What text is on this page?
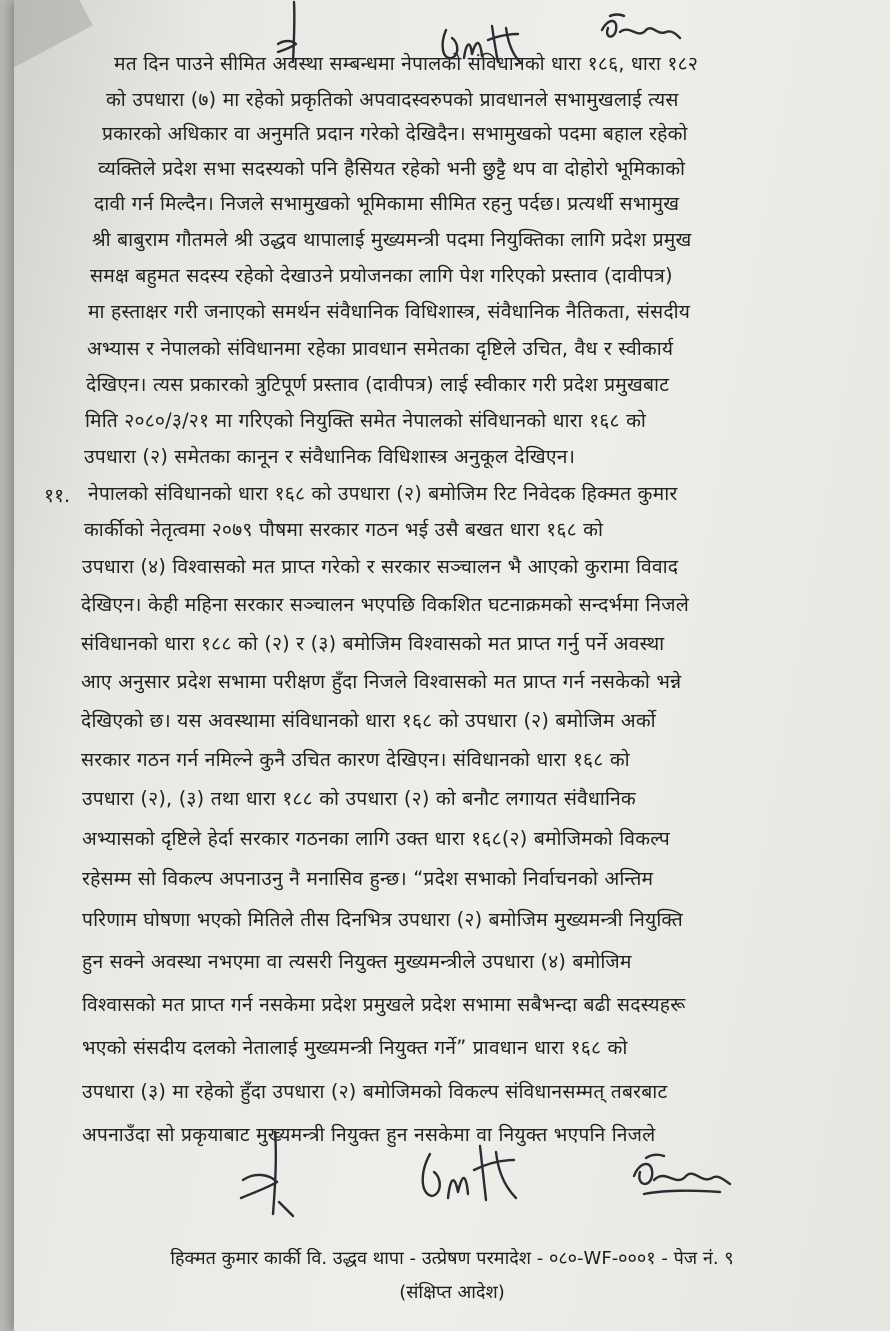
मत दिन पाउने सीमित अवस्था सम्बन्धमा नेपालको संविधानको धारा १८६, धारा १८२
को उपधारा (७) मा रहेको प्रकृतिको अपवादस्वरुपको प्रावधानले सभामुखलाई त्यस
प्रकारको अधिकार वा अनुमति प्रदान गरेको देखिदैन। सभामुखको पदमा बहाल रहेको
व्यक्तिले प्रदेश सभा सदस्यको पनि हैसियत रहेको भनी छुट्टै थप वा दोहोरो भूमिकाको
दावी गर्न मिल्दैन। निजले सभामुखको भूमिकामा सीमित रहनु पर्दछ। प्रत्यर्थी सभामुख
श्री बाबुराम गौतमले श्री उद्धव थापालाई मुख्यमन्त्री पदमा नियुक्तिका लागि प्रदेश प्रमुख
समक्ष बहुमत सदस्य रहेको देखाउने प्रयोजनका लागि पेश गरिएको प्रस्ताव (दावीपत्र)
मा हस्ताक्षर गरी जनाएको समर्थन संवैधानिक विधिशास्त्र, संवैधानिक नैतिकता, संसदीय
अभ्यास र नेपालको संविधानमा रहेका प्रावधान समेतका दृष्टिले उचित, वैध र स्वीकार्य
देखिएन। त्यस प्रकारको त्रुटिपूर्ण प्रस्ताव (दावीपत्र) लाई स्वीकार गरी प्रदेश प्रमुखबाट
मिति २०८०/३/२१ मा गरिएको नियुक्ति समेत नेपालको संविधानको धारा १६८ को
उपधारा (२) समेतका कानून र संवैधानिक विधिशास्त्र अनुकूल देखिएन।
११. नेपालको संविधानको धारा १६८ को उपधारा (२) बमोजिम रिट निवेदक हिक्मत कुमार
कार्कीको नेतृत्वमा २०७९ पौषमा सरकार गठन भई उसै बखत धारा १६८ को
उपधारा (४) विश्वासको मत प्राप्त गरेको र सरकार सञ्चालन भै आएको कुरामा विवाद
देखिएन। केही महिना सरकार सञ्चालन भएपछि विकशित घटनाक्रमको सन्दर्भमा निजले
संविधानको धारा १८८ को (२) र (३) बमोजिम विश्वासको मत प्राप्त गर्नु पर्ने अवस्था
आए अनुसार प्रदेश सभामा परीक्षण हुँदा निजले विश्वासको मत प्राप्त गर्न नसकेको भन्ने
देखिएको छ। यस अवस्थामा संविधानको धारा १६८ को उपधारा (२) बमोजिम अर्को
सरकार गठन गर्न नमिल्ने कुनै उचित कारण देखिएन। संविधानको धारा १६८ को
उपधारा (२), (३) तथा धारा १८८ को उपधारा (२) को बनौट लगायत संवैधानिक
अभ्यासको दृष्टिले हेर्दा सरकार गठनका लागि उक्त धारा १६८(२) बमोजिमको विकल्प
रहेसम्म सो विकल्प अपनाउनु नै मनासिव हुन्छ। “प्रदेश सभाको निर्वाचनको अन्तिम
परिणाम घोषणा भएको मितिले तीस दिनभित्र उपधारा (२) बमोजिम मुख्यमन्त्री नियुक्ति
हुन सक्ने अवस्था नभएमा वा त्यसरी नियुक्त मुख्यमन्त्रीले उपधारा (४) बमोजिम
विश्वासको मत प्राप्त गर्न नसकेमा प्रदेश प्रमुखले प्रदेश सभामा सबैभन्दा बढी सदस्यहरू
भएको संसदीय दलको नेतालाई मुख्यमन्त्री नियुक्त गर्ने” प्रावधान धारा १६८ को
उपधारा (३) मा रहेको हुँदा उपधारा (२) बमोजिमको विकल्प संविधानसम्मत् तबरबाट
अपनाउँदा सो प्रकृयाबाट मुख्यमन्त्री नियुक्त हुन नसकेमा वा नियुक्त भएपनि निजले
हिक्मत कुमार कार्की वि. उद्धव थापा - उत्प्रेषण परमादेश - ०८०-WF-०००१ - पेज नं. ९
(संक्षिप्त आदेश)
